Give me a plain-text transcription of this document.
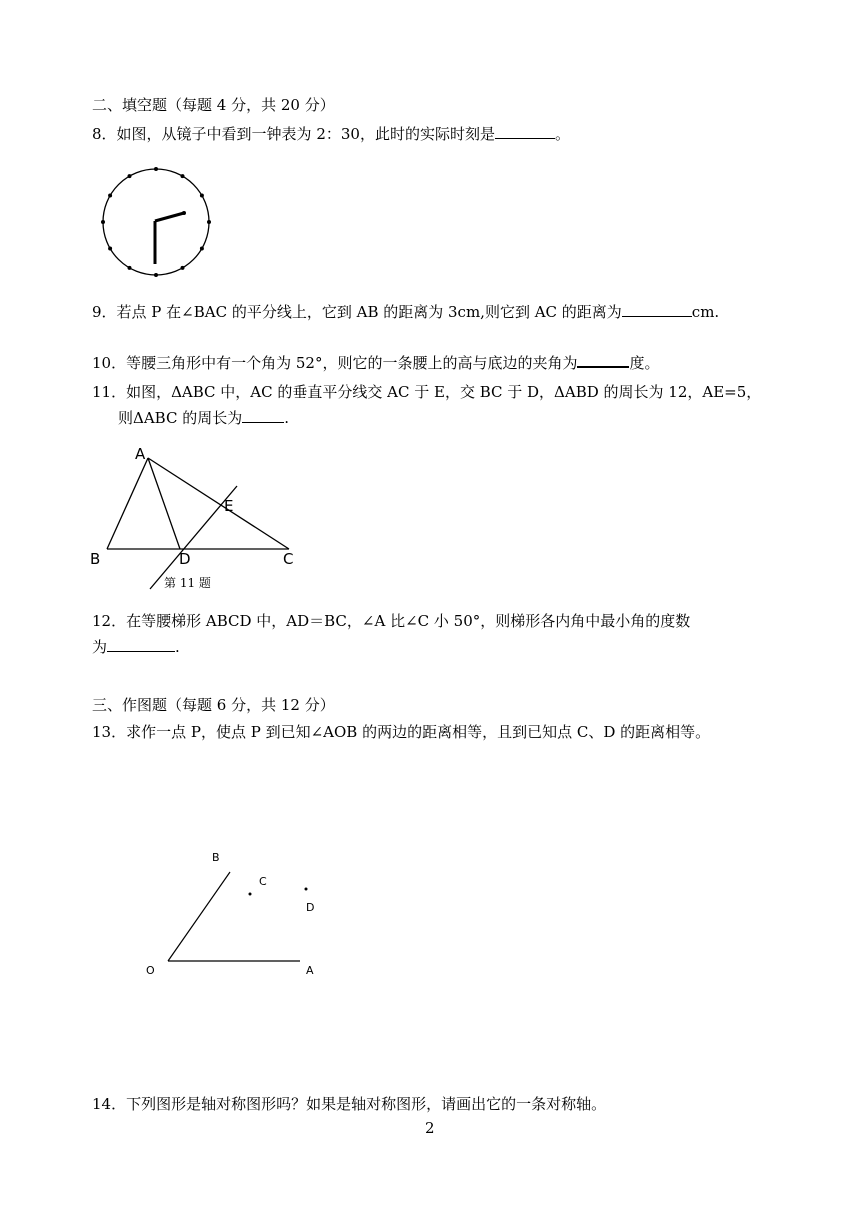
二、填空题（每题 4 分，共 20 分）
8．如图，从镜子中看到一钟表为 2：30，此时的实际时刻是	。
9．若点 P 在∠BAC 的平分线上，它到 AB 的距离为 3cm,则它到 AC 的距离为	cm.
10．等腰三角形中有一个角为 52°，则它的一条腰上的高与底边的夹角为	度。
11．如图，ΔABC 中，AC 的垂直平分线交 AC 于 E，交 BC 于 D，ΔABD 的周长为 12，AE=5，
则ΔABC 的周长为	.
A
B	C
D
E
第 11 题
12．在等腰梯形 ABCD 中，AD＝BC，∠A 比∠C 小 50°，则梯形各内角中最小角的度数
为	.
三、作图题（每题 6 分，共 12 分）
13．求作一点 P，使点 P 到已知∠AOB 的两边的距离相等，且到已知点 C、D 的距离相等。
B
C
D
O	A
14．下列图形是轴对称图形吗？如果是轴对称图形，请画出它的一条对称轴。
2
